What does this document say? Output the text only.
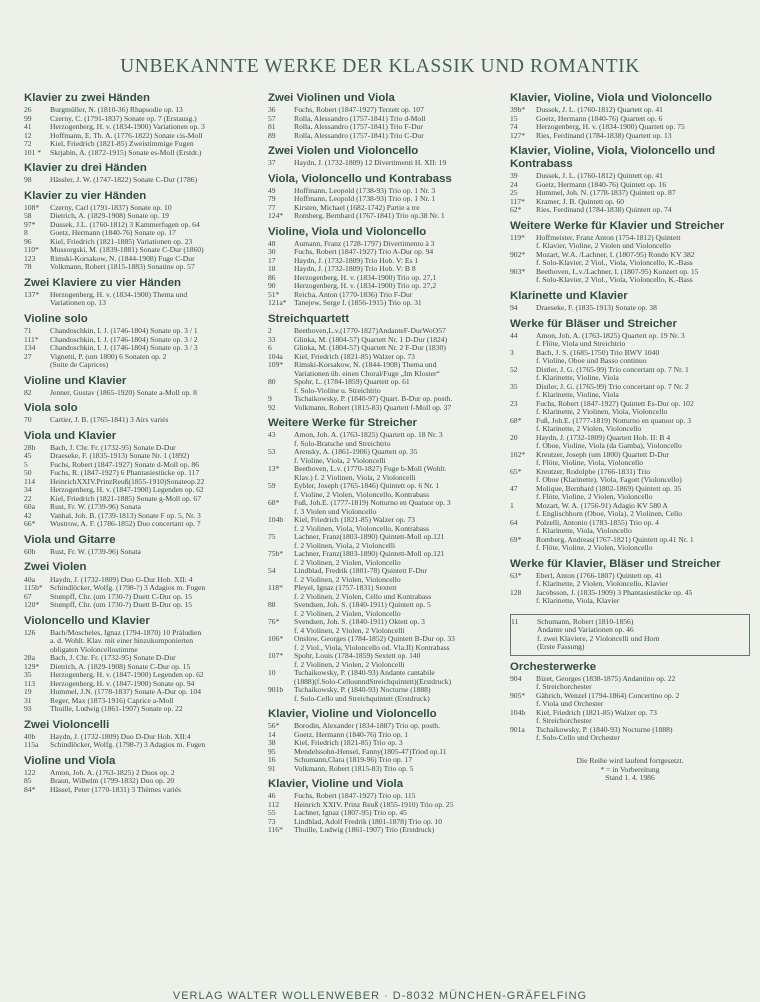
UNBEKANNTE WERKE DER KLASSIK UND ROMANTIK
Klavier zu zwei Händen
26	Burgmüller, N. (1810-36) Rhapsodie op. 13
99	Czerny, C. (1791-1837) Sonate op. 7 (Erstausg.)
41	Herzogenberg, H. v. (1834-1900) Variationen op. 3
12	Hoffmann, E. Th. A. (1776-1822) Sonate cis-Moll
72	Kiel, Friedrich (1821-85) Zweistimmige Fugen
101 *	Skrjabin, A. (1872-1915) Sonate es-Moll (Erstdr.)
Klavier zu drei Händen
98	Hässler, J. W. (1747-1822) Sonate C-Dur (1786)
Klavier zu vier Händen
108*	Czerny, Carl (1791-1837) Sonate op. 10
58	Dietrich, A. (1829-1908) Sonate op. 19
97*	Dussek, J.L. (1760-1812) 3 Kammerfugen op. 64
8	Goetz, Hermann (1840-76) Sonate op. 17
96	Kiel, Friedrich (1821-1885) Variationen op. 23
110*	Mussorgski, M. (1839-1881) Sonate C-Dur (1860)
123	Rimski-Korsakow, N. (1844-1908) Fuge C-Dur
78	Volkmann, Robert (1815-1883) Sonatine op. 57
Zwei Klaviere zu vier Händen
137*	Herzogenberg, H. v. (1834-1900) Thema und
Variationen op. 13
Violine solo
71	Chandoschkin, I. J. (1746-1804) Sonate op. 3 / 1
111*	Chandoschkin, I. J. (1746-1804) Sonate op. 3 / 2
134	Chandoschkin, I. J. (1746-1804) Sonate op. 3 / 3
27	Vignetti, P. (um 1800) 6 Sonaten op. 2
(Suite de Caprices)
Violine und Klavier
82	Jenner, Gustav (1865-1920) Sonate a-Moll op. 8
Viola solo
70	Cartier, J. B. (1765-1841) 3 Airs variés
Viola und Klavier
28b	Bach, J. Chr. Fr. (1732-95) Sonate D-Dur
45	Draeseke, F. (1835-1913) Sonate Nr. 1 (1892)
5	Fuchs, Robert (1847-1927) Sonate d-Moll op. 86
50	Fuchs, R. (1847-1927) 6 Phantasiestücke op. 117
114	HeinrichXXIV.PrinzReuß(1855-1910)Sonateop.22
34	Herzogenberg, H. v. (1847-1900) Legenden op. 62
22	Kiel, Friedrich (1821-1885) Sonate g-Moll op. 67
60a	Rust, Fr. W. (1739-96) Sonata
42	Vanhal, Joh. B. (1739-1813) Sonate F op. 5, Nr. 3
66*	Wustrow, A. F. (1786-1852) Duo concertant op. 7
Viola und Gitarre
60b	Rust, Fr. W. (1739-96) Sonata
Zwei Violen
40a	Haydn, J. (1732-1809) Duo G-Dur Hob. XII: 4
115b* Schindlöcker, Wolfg. (1798-?) 3 Adagios m. Fugen
67	Stumpff, Chr. (um 1730-?) Duett C-Dur op. 15
120*	Stumpff, Chr. (um 1730-?) Duett B-Dur op. 15
Violoncello und Klavier
126	Bach/Moscheles, Ignaz (1794-1870) 10 Präludien
a. d. Wohlt. Klav. mit einer hinzukomponierten
obligaten Violoncellostimme
28a	Bach, J. Chr. Fr. (1732-95) Sonate D-Dur
129*	Dietrich, A. (1829-1908) Sonate C-Dur op. 15
35	Herzogenberg, H. v. (1847-1900) Legenden op. 62
113	Herzogenberg, H. v. (1847-1900) Sonate op. 94
19	Hummel, J.N. (1778-1837) Sonate A-Dur op. 104
31	Reger, Max (1873-1916) Caprice a-Moll
93	Thuille, Ludwig (1861-1907) Sonate op. 22
Zwei Violoncelli
40b	Haydn, J. (1732-1809) Duo D-Dur Hob. XII:4
115a	Schindlöcker, Wolfg. (1798-?) 3 Adagios m. Fugen
Violine und Viola
122	Amon, Joh. A. (1763-1825) 2 Duos op. 2
85	Braun, Wilhelm (1799-1832) Duo op. 20
84*	Hässel, Peter (1770-1831) 3 Thèmes variés
Zwei Violinen und Viola
36	Fuchs, Robert (1847-1927) Terzett op. 107
57	Rolla, Alessandro (1757-1841) Trio d-Moll
81	Rolla, Alessandro (1757-1841) Trio F-Dur
89	Rolla, Alessandro (1757-1841) Trio C-Dur
Zwei Violen und Violoncello
37	Haydn, J. (1732-1809) 12 Divertimenti H. XII: 19
Viola, Violoncello und Kontrabass
49	Hoffmann, Leopold (1738-93) Trio op. 1 Nr. 3
79	Hoffmann, Leopold (1738-93) Trio op. 1 Nr. 1
77	Kirsten, Michael (1682-1742) Partie a tre
124*	Romberg, Bernhard (1767-1841) Trio op.38 Nr. 1
Violine, Viola und Violoncello
48	Aumann, Franz (1728-1797) Divertimento à 3
30	Fuchs, Robert (1847-1927) Trio A-Dur op. 94
17	Haydn, J. (1732-1809) Trio Hob. V: Es 1
18	Haydn, J. (1732-1809) Trio Hob. V: B 8
86	Herzogenberg, H. v. (1834-1900) Trio op. 27,1
90	Herzogenberg, H. v. (1834-1900) Trio op. 27,2
51*	Reicha, Anton (1770-1836) Trio F-Dur
121a* Tanejew, Serge I. (1856-1915) Trio op. 31
Streichquartett
2	Beethoven,L.v.(1770-1827)AndanteF-DurWoO57
33	Glinka, M. (1804-57) Quartett Nr. 1 D-Dur (1824)
6	Glinka, M. (1804-57) Quartett Nr. 2 F-Dur (1830)
104a	Kiel, Friedrich (1821-85) Walzer op. 73
109*	Rimski-Korsakow, N. (1844-1908) Thema und
Variationen üb. einen Choral/Fuge „Im Kloster“
80	Spohr, L. (1784-1859) Quartett op. 61
f. Solo-Violine u. Streichtrio
9	Tschaikowsky, P. (1840-97) Quart. B-Dur op. posth.
92	Volkmann, Robert (1815-83) Quartett f-Moll op. 37
Weitere Werke für Streicher
43	Amon, Joh. A. (1763-1825) Quartett op. 18 Nr. 3
f. Solo-Bratsche und Streichtrio
53	Arensky, A. (1861-1906) Quartett op. 35
f. Violine, Viola, 2 Violoncelli
13*	Beethoven, L.v. (1770-1827) Fuge b-Moll (Wohlt.
Klav.) f. 2 Violinen, Viola, 2 Violoncelli
59	Eybler, Joseph (1765-1846) Quintett op. 6 Nr. 1
f. Violine, 2 Violen, Violoncello, Kontrabass
68*	Fuß, Joh.E. (1777-1819) Notturno en Quatuor op. 3
f. 3 Violen und Violoncello
104b	Kiel, Friedrich (1821-85) Walzer op. 73
f. 2 Violinen, Viola, Violoncello, Kontrabass
75	Lachner, Franz(1803-1890) Quintett-Moll op.121
f. 2 Violinen, Viola, 2 Violoncelli
75b*	Lachner, Franz(1803-1890) Quintett-Moll op.121
f. 2 Violinen, 2 Violen, Violoncello
54	Lindblad, Fredrik (1801-78) Quintett F-Dur
f. 2 Violinen, 2 Violen, Violoncello
118*	Pleyel, Ignaz (1757-1831) Sextett
f. 2 Violinen, 2 Violen, Cello und Kontrabass
88	Svendsen, Joh. S. (1840-1911) Quintett op. 5
f. 2 Violinen, 2 Violen, Violoncello
76*	Svendsen, Joh. S. (1840-1911) Oktett op. 3
f. 4 Violinen, 2 Violen, 2 Violoncelli
106*	Onslow, Georges (1784-1852) Quintett B-Dur op. 33
f. 2 Viol., Viola, Violoncello od. Vla.II) Kontrabass
107*	Spohr, Louis (1784-1859) Sextett op. 140
f. 2 Violinen, 2 Violen, 2 Violoncelli
10	Tschaikowsky, P. (1840-93) Andante cantabile
(1888)(f.Solo-CellounndStreichquintett)(Erstdruck)
901b	Tschaikowsky, P. (1840-93) Nocturne (1888)
f. Solo-Cello und Streichquintett (Erstdruck)
Klavier, Violine und Violoncello
56*	Borodin, Alexander (1834-1887) Trio op. posth.
14	Goetz, Hermann (1840-76) Trio op. 1
38	Kiel, Friedrich (1821-85) Trio op. 3
95	Mendelssohn-Hensel, Fanny(1805-47)Triod op.11
16	Schumann,Clara (1819-96) Trio op. 17
91	Volkmann, Robert (1815-83) Trio op. 5
Klavier, Violine und Viola
46	Fuchs, Robert (1847-1927) Trio op. 115
112	Heinrich XXIV. Prinz Reuß (1855-1910) Trio op. 25
55	Lachner, Ignaz (1807-95) Trio op. 45
73	Lindblad, Adolf Fredrik (1801-1878) Trio op. 10
116*	Thuille, Ludwig (1861-1907) Trio (Erstdruck)
Klavier, Violine, Viola und Violoncello
39b*	Dussek, J. L. (1760-1812) Quartett op. 41
15	Goetz, Hermann (1840-76) Quartett op. 6
74	Herzogenberg, H. v. (1834-1900) Quartett op. 75
127*	Ries, Ferdinand (1784-1838) Quartett op. 13
Klavier, Violine, Viola, Violoncello und Kontrabass
39	Dussek, J. L. (1760-1812) Quintett op. 41
24	Goetz, Hermann (1840-76) Quintett op. 16
25	Hummel, Joh. N. (1778-1837) Quintett op. 87
117*	Kramer, J. B. Quintett op. 60
62*	Ries, Ferdinand (1784-1838) Quintett op. 74
Weitere Werke für Klavier und Streicher
119*	Hoffmeister, Franz Anton (1754-1812) Quintett
f. Klavier, Violine, 2 Violen und Violoncello
902*	Mozart, W.A. /Lachner, I. (1807-95) Rondo KV 382
f. Solo-Klavier, 2 Viol., Viola, Violoncello, K.-Bass
903*	Beethoven, L.v./Lachner, I. (1807-95) Konzert op. 15
f. Solo-Klavier, 2 Viol., Viola, Violoncello, K.-Bass
Klarinette und Klavier
94	Draeseke, F. (1835-1913) Sonate op. 38
Werke für Bläser und Streicher
44	Amon, Joh. A. (1763-1825) Quartett op. 19 Nr. 3
f. Flöte, Viola und Streichtrio
3	Bach, J. S. (1685-1750) Trio BWV 1040
f. Violine, Oboe und Basso continuo
52	Distler, J. G. (1765-99) Trio concertant op. 7 Nr. 1
f. Klarinette, Violine, Viola
35	Distler, J. G. (1765-99) Trio concertant op. 7 Nr. 2
f. Klarinette, Violine, Viola
23	Fuchs, Robert (1847-1927) Quintett Es-Dur op. 102
f. Klarinette, 2 Violinen, Viola, Violoncello
68*	Fuß, Joh.E. (1777-1819) Notturno en quatuor op. 3
f. Klarinette, 2 Violen, Violoncello
20	Haydn, J. (1732-1809) Quartett Hob. II: B 4
f. Oboe, Violine, Viola (da Gamba), Violoncello
102*	Kreutzer, Joseph (um 1800) Quartett D-Dur
f. Flöte, Violine, Viola, Violoncello
65*	Kreutzer, Rodolphe (1766-1831) Trio
f. Oboe (Klarinette), Viola, Fagott (Violoncello)
47	Molique, Bernhard (1802-1869) Quintett op. 35
f. Flöte, Violine, 2 Violen, Violoncello
1	Mozart, W. A. (1756-91) Adagio KV 580 A
f. Englischhorn (Oboe, Viola), 2 Violinen, Cello
64	Polzelli, Antonio (1783-1855) Trio op. 4
f. Klarinette, Viola, Violoncello
69*	Romberg, Andreas(1767-1821) Quintett op.41 Nr. 1
f. Flöte, Violine, 2 Violen, Violoncello
Werke für Klavier, Bläser und Streicher
63*	Eberl, Anton (1766-1807) Quintett op. 41
f. Klarinette, 2 Violen, Violoncello, Klavier
128	Jacobsson, J. (1835-1909) 3 Phantasiestücke op. 45
f. Klarinette, Viola, Klavier
11	Schumann, Robert (1810-1856)
Andante und Variationen op. 46
f. zwei Klaviere, 2 Violoncelli und Horn
(Erste Fassung)
Orchesterwerke
904	Bizet, Georges (1838-1875) Andantino op. 22
f. Streichorchester
905*	Gährich, Wenzel (1794-1864) Concertino op. 2
f. Viola und Orchester
104b	Kiel, Friedrich (1821-85) Walzer op. 73
f. Streichorchester
901a	Tschaikowsky, P. (1840-93) Nocturne (1888)
f. Solo-Cello und Orchester
Die Reihe wird laufend fortgesetzt.
* = in Vorbereitung
Stand 1. 4. 1986
VERLAG WALTER WOLLENWEBER · D-8032 MÜNCHEN-GRÄFELFING
